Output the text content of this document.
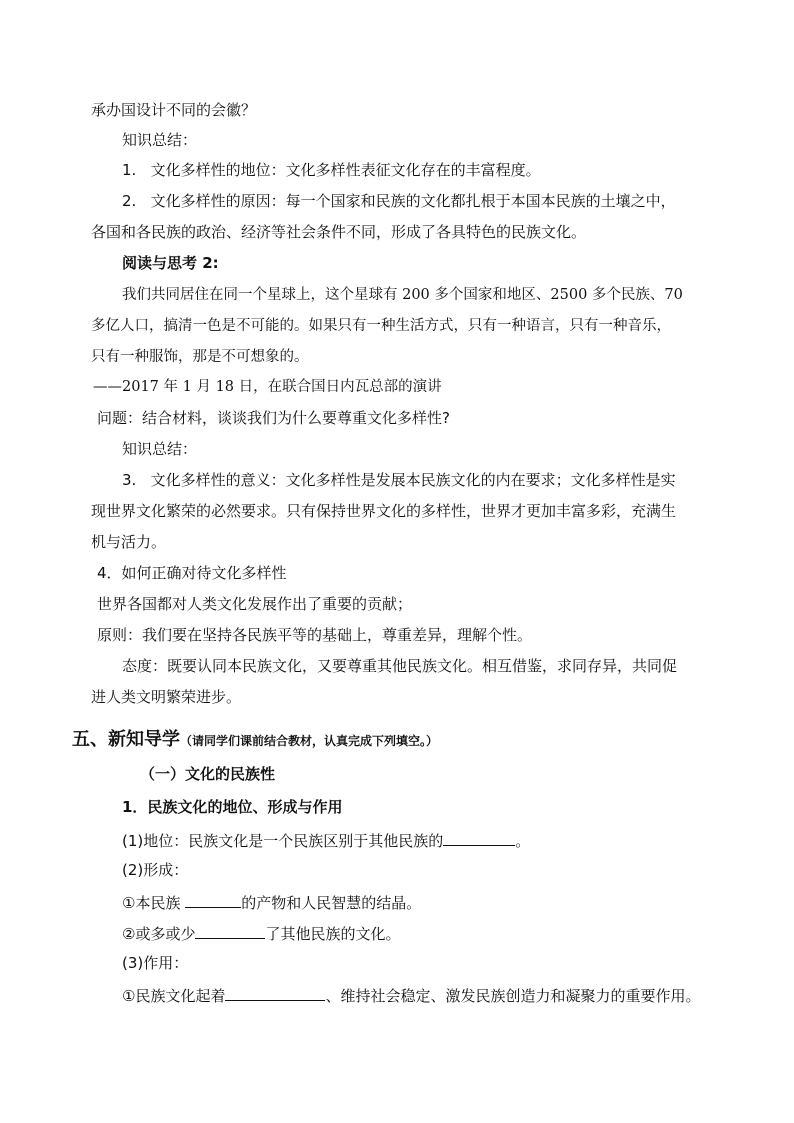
承办国设计不同的会徽？
知识总结：
1.   文化多样性的地位：文化多样性表征文化存在的丰富程度。
2.   文化多样性的原因：每一个国家和民族的文化都扎根于本国本民族的土壤之中，
各国和各民族的政治、经济等社会条件不同，形成了各具特色的民族文化。
阅读与思考 2:
我们共同居住在同一个星球上，这个星球有 200 多个国家和地区、2500 多个民族、70
多亿人口，搞清一色是不可能的。如果只有一种生活方式，只有一种语言，只有一种音乐，
只有一种服饰，那是不可想象的。
——2017 年 1 月 18 日，在联合国日内瓦总部的演讲
问题：结合材料，谈谈我们为什么要尊重文化多样性?
知识总结：
3.   文化多样性的意义：文化多样性是发展本民族文化的内在要求；文化多样性是实
现世界文化繁荣的必然要求。只有保持世界文化的多样性，世界才更加丰富多彩，充满生
机与活力。
4．如何正确对待文化多样性
世界各国都对人类文化发展作出了重要的贡献；
原则：我们要在坚持各民族平等的基础上，尊重差异，理解个性。
态度：既要认同本民族文化，又要尊重其他民族文化。相互借鉴，求同存异，共同促
进人类文明繁荣进步。
五、新知导学（请同学们课前结合教材，认真完成下列填空。）
（一）文化的民族性
1．民族文化的地位、形成与作用
(1)地位：民族文化是一个民族区别于其他民族的	。
(2)形成：
①本民族	的产物和人民智慧的结晶。
②或多或少	了其他民族的文化。
(3)作用：
①民族文化起着	、维持社会稳定、激发民族创造力和凝聚力的重要作用。
